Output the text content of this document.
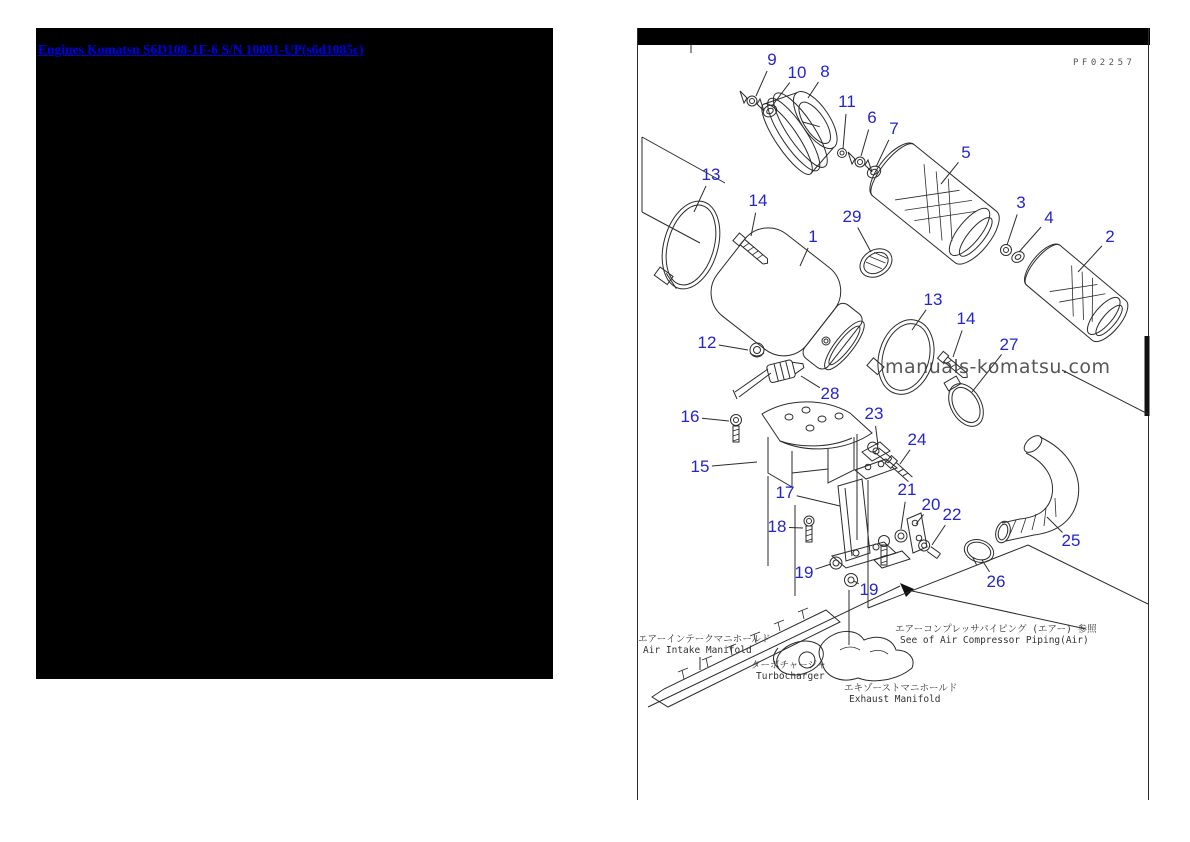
Engines Komatsu S6D108-1F-6 S/N 10001-UP(s6d1085c)
PF02257
manuals-komatsu.com
9
10 8
11
6
7
5
13
14	3
4
29
1	2
13
14
12	27
28
16	23
24
15
17	21
20
22
18
25
26
19
19
エアーインテークマニホールド
Air Intake Manifold
ターボチャージャ
Turbocharger
エキゾーストマニホールド
Exhaust Manifold
エアーコンプレッサパイピング (エアー) 参照
See of Air Compressor Piping(Air)
